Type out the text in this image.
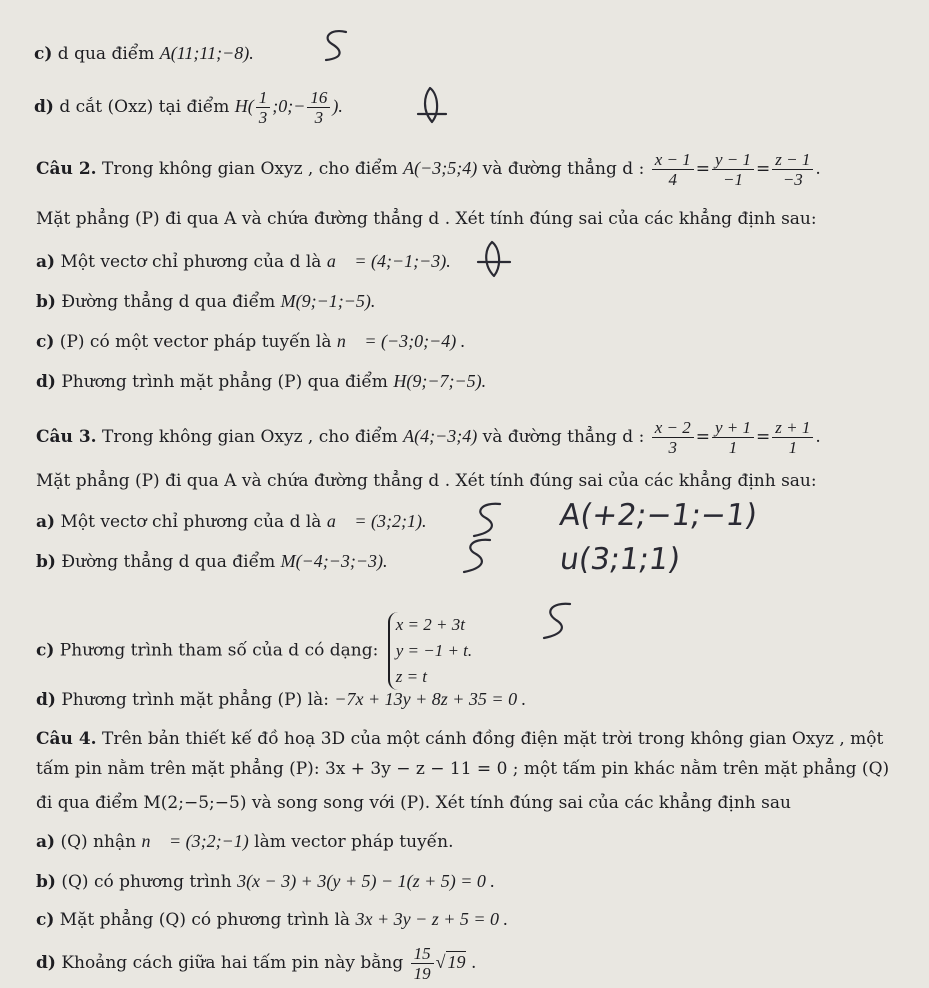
c) d qua điểm A(11;11;−8).
d) d cắt (Oxz) tại điểm $H( \frac{1}{3}$ ;0;− $\frac{16}{3}$ ).
Câu 2. Trong không gian Oxyz , cho điểm A(−3;5;4) và đường thẳng d : $\frac{x - 1}{4} = \frac{y - 1}{-1} = \frac{z - 1}{-3}$ .
Mặt phẳng (P) đi qua A và chứa đường thẳng d . Xét tính đúng sai của các khẳng định sau:
a) Một vectơ chỉ phương của d là a⃗ = (4;−1;−3).
b) Đường thẳng d qua điểm M(9;−1;−5).
c) (P) có một vector pháp tuyến là n⃗ = (−3;0;−4) .
d) Phương trình mặt phẳng (P) qua điểm H(9;−7;−5).
Câu 3. Trong không gian Oxyz , cho điểm A(4;−3;4) và đường thẳng d : $\frac{x - 2}{3} = \frac{y + 1}{1} = \frac{z + 1}{1}$ .
Mặt phẳng (P) đi qua A và chứa đường thẳng d . Xét tính đúng sai của các khẳng định sau:
a) Một vectơ chỉ phương của d là a⃗ = (3;2;1).	A(+2;−1;−1)
b) Đường thẳng d qua điểm M(−4;−3;−3).	u(3;1;1)
c) Phương trình tham số của d có dạng:
x = 2 + 3t
y = −1 + t.
z = t
d) Phương trình mặt phẳng (P) là: −7x + 13y + 8z + 35 = 0 .
Câu 4. Trên bản thiết kế đồ hoạ 3D của một cánh đồng điện mặt trời trong không gian Oxyz , một
tấm pin nằm trên mặt phẳng (P): 3x + 3y − z − 11 = 0 ; một tấm pin khác nằm trên mặt phẳng (Q)
đi qua điểm M(2;−5;−5) và song song với (P). Xét tính đúng sai của các khẳng định sau
a) (Q) nhận n⃗ = (3;2;−1) làm vector pháp tuyến.
b) (Q) có phương trình 3(x − 3) + 3(y + 5) − 1(z + 5) = 0 .
c) Mặt phẳng (Q) có phương trình là 3x + 3y − z + 5 = 0 .
d) Khoảng cách giữa hai tấm pin này bằng $\frac{15}{19}$ √ 19 .
